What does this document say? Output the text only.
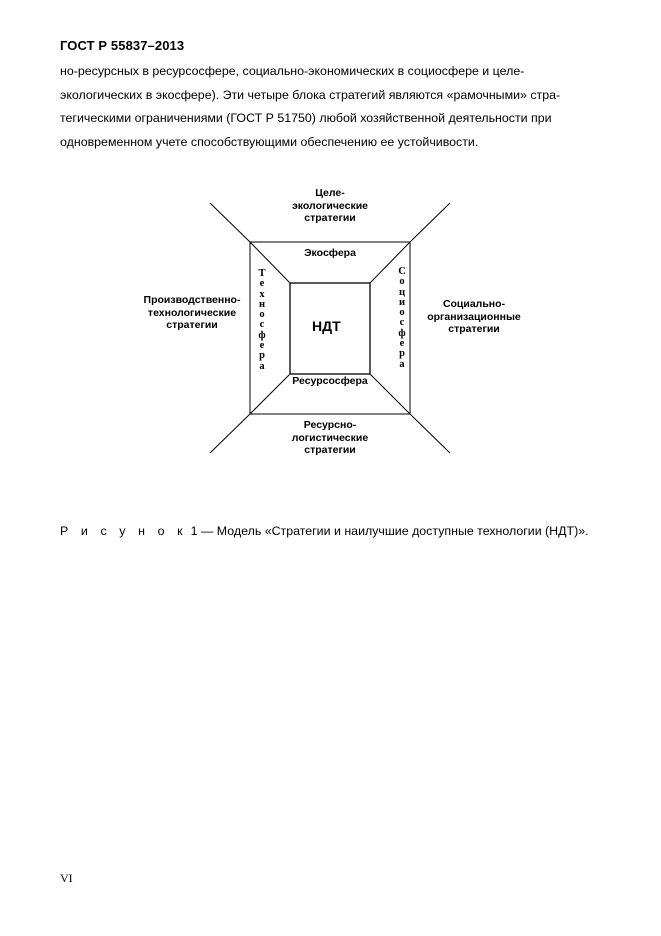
ГОСТ Р 55837–2013
но-ресурсных в ресурсосфере, социально-экономических в социосфере и целе-
экологических в экосфере). Эти четыре блока стратегий являются «рамочными» стра-
тегическими ограничениями (ГОСТ Р 51750) любой хозяйственной деятельности при
одновременном учете способствующими обеспечению ее устойчивости.
Целе-
экологические
стратегии
Производственно-
технологические
стратегии
Социально-
организационные
стратегии
Ресурсно-
логистические
стратегии
Экосфера
Ресурсосфера
НДТ
Т
е
х
н
о
с
ф
е
р
а
С
о
ц
и
о
с
ф
е
р
а
Р и с у н о к 1 — Модель «Стратегии и наилучшие доступные технологии (НДТ)».
VI
